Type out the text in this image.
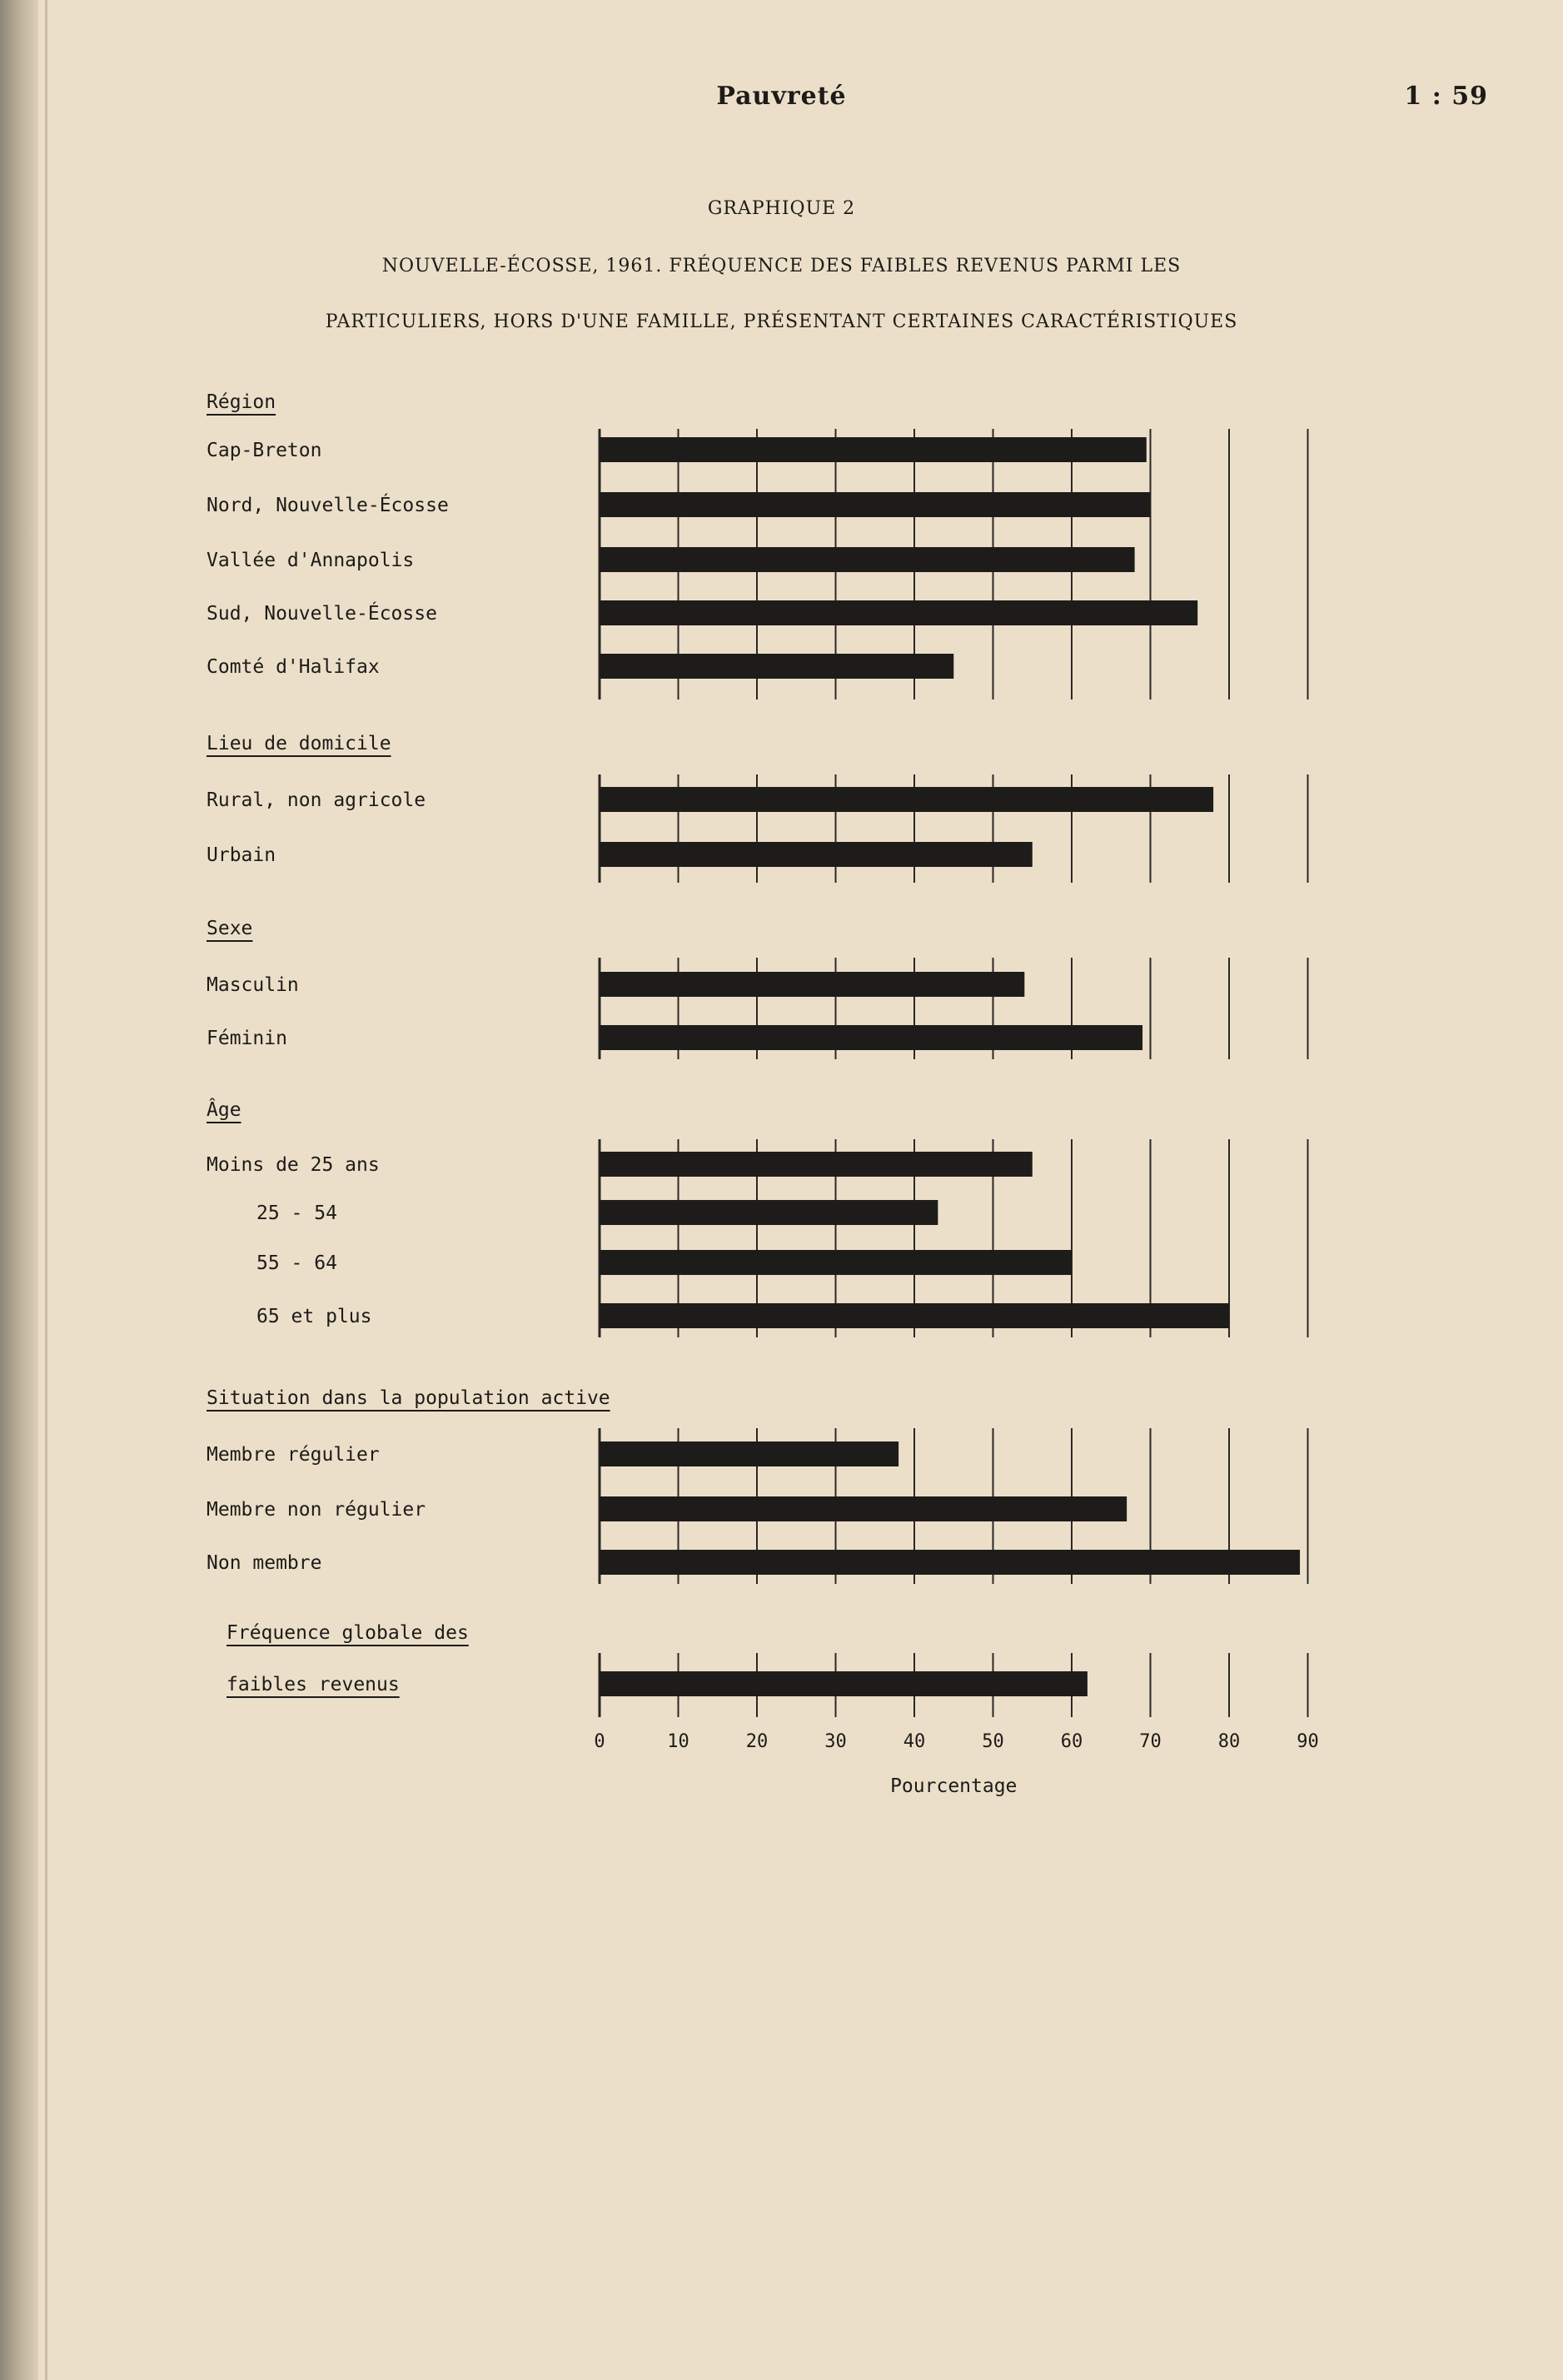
Pauvreté	1 : 59
GRAPHIQUE 2
NOUVELLE-ÉCOSSE, 1961. FRÉQUENCE DES FAIBLES REVENUS PARMI LES
PARTICULIERS, HORS D'UNE FAMILLE, PRÉSENTANT CERTAINES CARACTÉRISTIQUES
Région
Cap-Breton
Nord, Nouvelle-Écosse
Vallée d'Annapolis
Sud, Nouvelle-Écosse
Comté d'Halifax
Lieu de domicile
Rural, non agricole
Urbain
Sexe
Masculin
Féminin
Âge
Moins de 25 ans
25 - 54
55 - 64
65 et plus
Situation dans la population active
Membre régulier
Membre non régulier
Non membre
Fréquence globale des
faibles revenus
0	10	20	30	40	50	60	70	80	90
Pourcentage
